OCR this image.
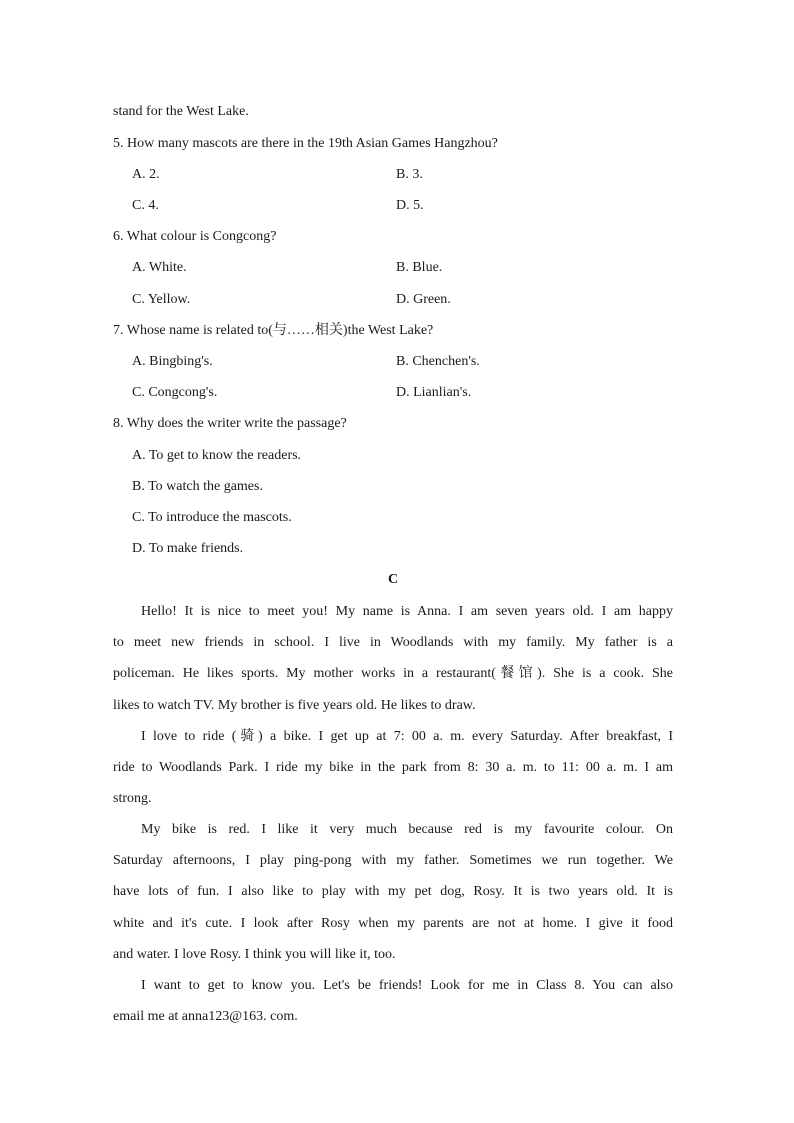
stand for the West Lake.
5. How many mascots are there in the 19th Asian Games Hangzhou?
A. 2.	B. 3.
C. 4.	D. 5.
6. What colour is Congcong?
A. White.	B. Blue.
C. Yellow.	D. Green.
7. Whose name is related to(与……相关)the West Lake?
A. Bingbing's.	B. Chenchen's.
C. Congcong's.	D. Lianlian's.
8. Why does the writer write the passage?
A. To get to know the readers.
B. To watch the games.
C. To introduce the mascots.
D. To make friends.
C
Hello! It is nice to meet you! My name is Anna. I am seven years old. I am happy
to meet new friends in school. I live in Woodlands with my family. My father is a
policeman. He likes sports. My mother works in a restaurant(餐馆). She is a cook. She
likes to watch TV. My brother is five years old. He likes to draw.
I love to ride (骑) a bike. I get up at 7: 00 a. m. every Saturday. After breakfast, I
ride to Woodlands Park. I ride my bike in the park from 8: 30 a. m. to 11: 00 a. m. I am
strong.
My bike is red. I like it very much because red is my favourite colour. On
Saturday afternoons, I play ping-pong with my father. Sometimes we run together. We
have lots of fun. I also like to play with my pet dog, Rosy. It is two years old. It is
white and it's cute. I look after Rosy when my parents are not at home. I give it food
and water. I love Rosy. I think you will like it, too.
I want to get to know you. Let's be friends! Look for me in Class 8. You can also
email me at anna123@163. com.
